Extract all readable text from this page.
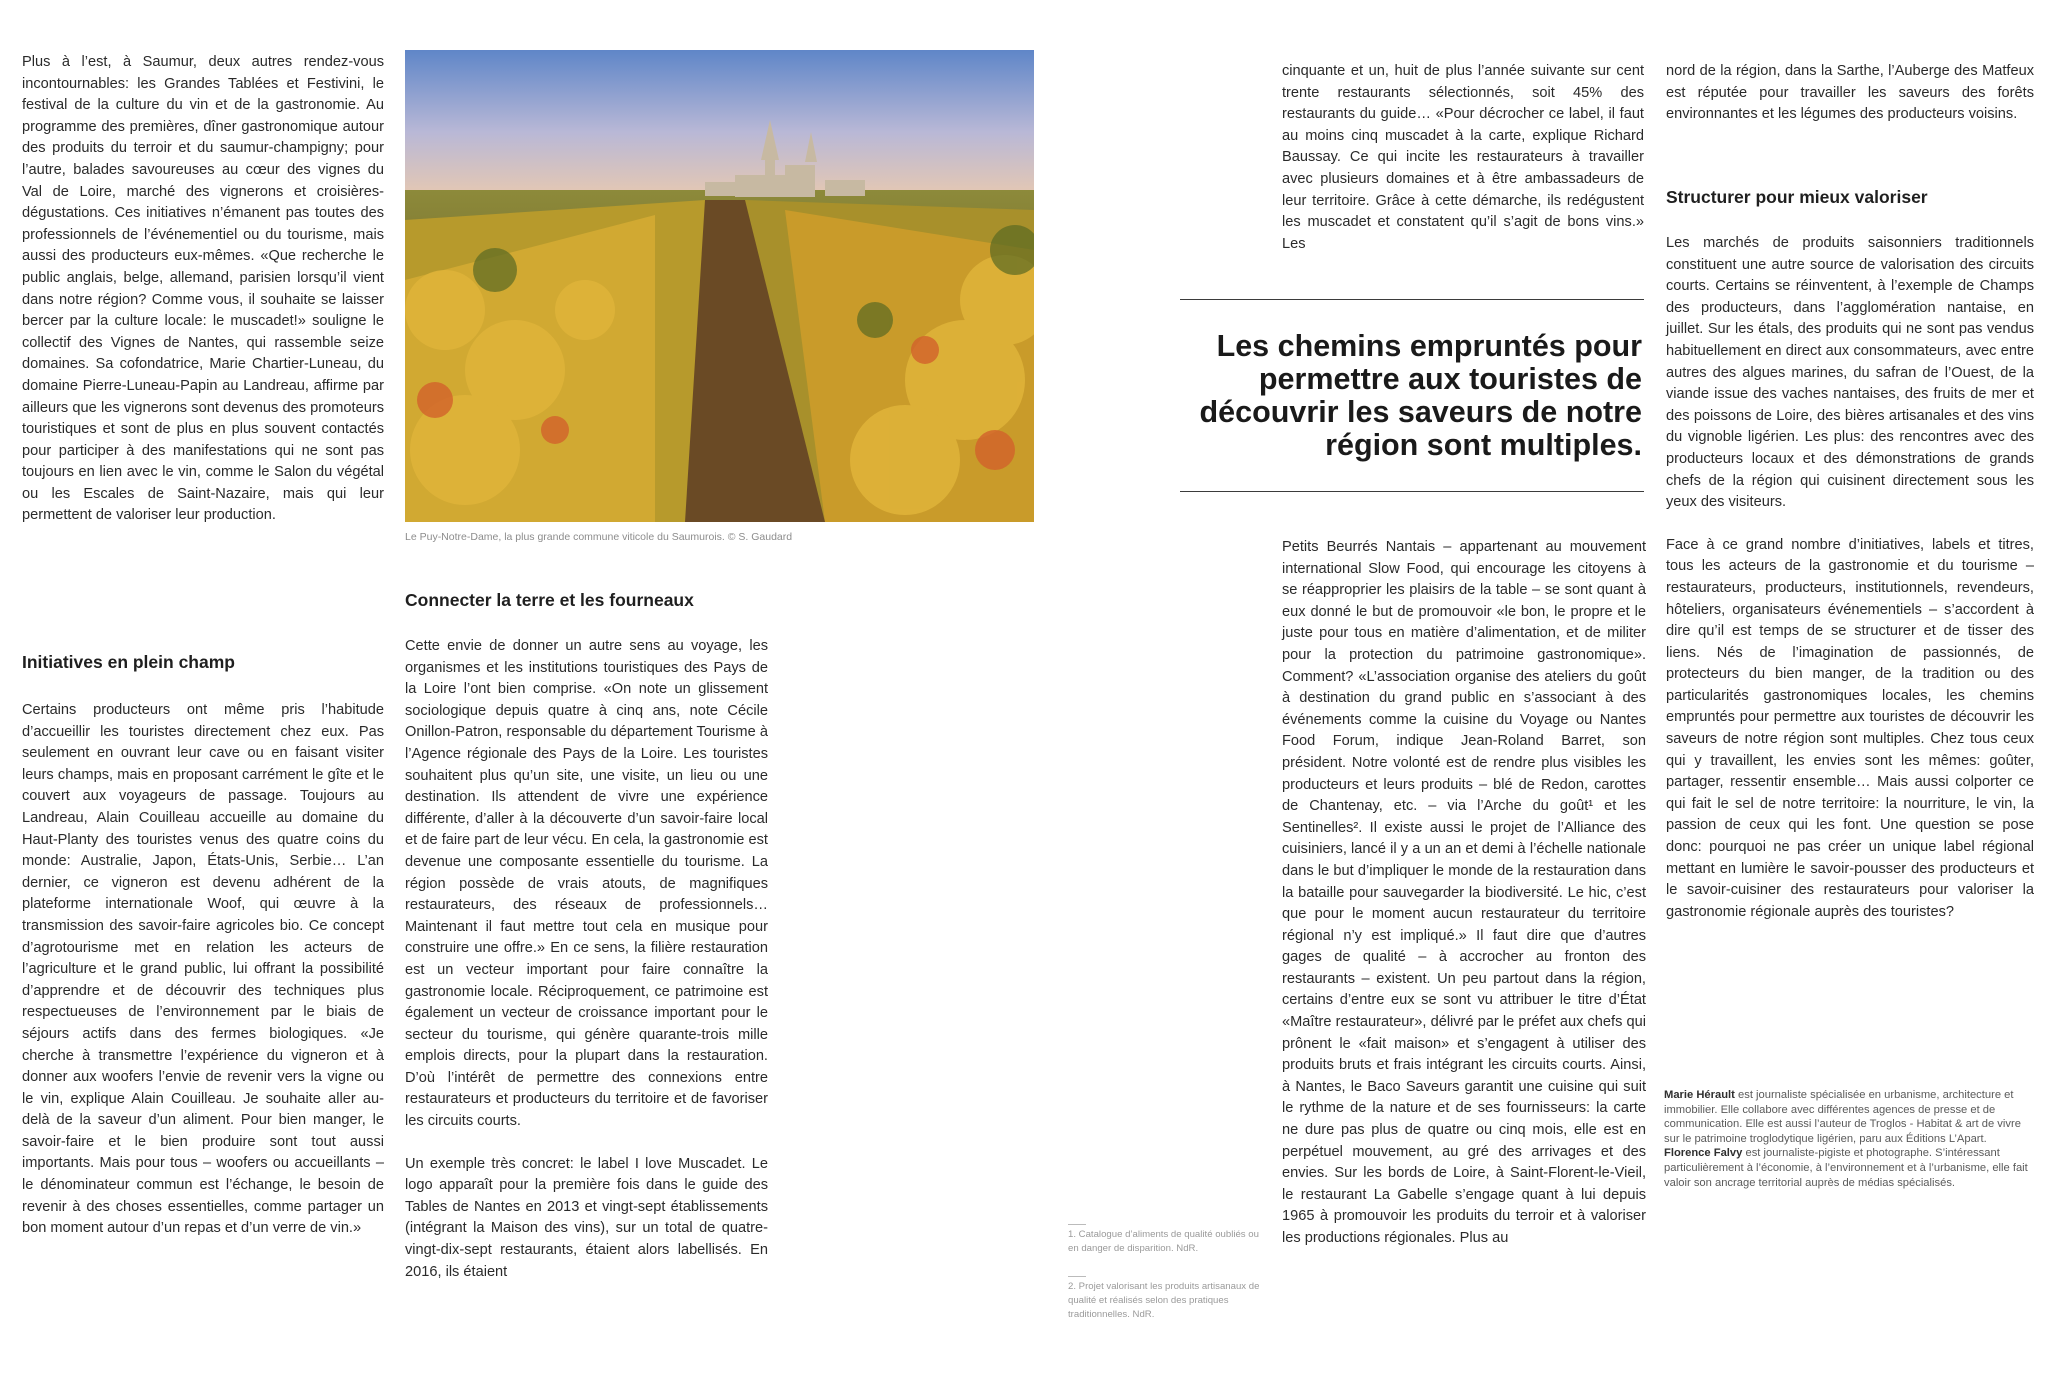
Plus à l’est, à Saumur, deux autres rendez-vous incontournables: les Grandes Tablées et Festivini, le festival de la culture du vin et de la gastronomie. Au programme des premières, dîner gastronomique autour des produits du terroir et du saumur-champigny; pour l’autre, balades savoureuses au cœur des vignes du Val de Loire, marché des vignerons et croisières-dégustations. Ces initiatives n’émanent pas toutes des professionnels de l’événementiel ou du tourisme, mais aussi des producteurs eux-mêmes. «Que recherche le public anglais, belge, allemand, parisien lorsqu’il vient dans notre région? Comme vous, il souhaite se laisser bercer par la culture locale: le muscadet!» souligne le collectif des Vignes de Nantes, qui rassemble seize domaines. Sa cofondatrice, Marie Chartier-Luneau, du domaine Pierre-Luneau-Papin au Landreau, affirme par ailleurs que les vignerons sont devenus des promoteurs touristiques et sont de plus en plus souvent contactés pour participer à des manifestations qui ne sont pas toujours en lien avec le vin, comme le Salon du végétal ou les Escales de Saint-Nazaire, mais qui leur permettent de valoriser leur production.

Initiatives en plein champ

Certains producteurs ont même pris l’habitude d’accueillir les touristes directement chez eux. Pas seulement en ouvrant leur cave ou en faisant visiter leurs champs, mais en proposant carrément le gîte et le couvert aux voyageurs de passage. Toujours au Landreau, Alain Couilleau accueille au domaine du Haut-Planty des touristes venus des quatre coins du monde: Australie, Japon, États-Unis, Serbie… L’an dernier, ce vigneron est devenu adhérent de la plateforme internationale Woof, qui œuvre à la transmission des savoir-faire agricoles bio. Ce concept d’agrotourisme met en relation les acteurs de l’agriculture et le grand public, lui offrant la possibilité d’apprendre et de découvrir des techniques plus respectueuses de l’environnement par le biais de séjours actifs dans des fermes biologiques. «Je cherche à transmettre l’expérience du vigneron et à donner aux woofers l’envie de revenir vers la vigne ou le vin, explique Alain Couilleau. Je souhaite aller au-delà de la saveur d’un aliment. Pour bien manger, le savoir-faire et le bien produire sont tout aussi importants. Mais pour tous – woofers ou accueillants – le dénominateur commun est l’échange, le besoin de revenir à des choses essentielles, comme partager un bon moment autour d’un repas et d’un verre de vin.»

Le Puy-Notre-Dame, la plus grande commune viticole du Saumurois. © S. Gaudard
Connecter la terre et les fourneaux

Cette envie de donner un autre sens au voyage, les organismes et les institutions touristiques des Pays de la Loire l’ont bien comprise. «On note un glissement sociologique depuis quatre à cinq ans, note Cécile Onillon-Patron, responsable du département Tourisme à l’Agence régionale des Pays de la Loire. Les touristes souhaitent plus qu’un site, une visite, un lieu ou une destination. Ils attendent de vivre une expérience différente, d’aller à la découverte d’un savoir-faire local et de faire part de leur vécu. En cela, la gastronomie est devenue une composante essentielle du tourisme. La région possède de vrais atouts, de magnifiques restaurateurs, des réseaux de professionnels… Maintenant il faut mettre tout cela en musique pour construire une offre.» En ce sens, la filière restauration est un vecteur important pour faire connaître la gastronomie locale. Réciproquement, ce patrimoine est également un vecteur de croissance important pour le secteur du tourisme, qui génère quarante-trois mille emplois directs, pour la plupart dans la restauration. D’où l’intérêt de permettre des connexions entre restaurateurs et producteurs du territoire et de favoriser les circuits courts.

Un exemple très concret: le label I love Muscadet. Le logo apparaît pour la première fois dans le guide des Tables de Nantes en 2013 et vingt-sept établissements (intégrant la Maison des vins), sur un total de quatre-vingt-dix-sept restaurants, étaient alors labellisés. En 2016, ils étaient

cinquante et un, huit de plus l’année suivante sur cent trente restaurants sélectionnés, soit 45% des restaurants du guide… «Pour décrocher ce label, il faut au moins cinq muscadet à la carte, explique Richard Baussay. Ce qui incite les restaurateurs à travailler avec plusieurs domaines et à être ambassadeurs de leur territoire. Grâce à cette démarche, ils redégustent les muscadet et constatent qu’il s’agit de bons vins.» Les

Les chemins empruntés pour permettre aux touristes de découvrir les saveurs de notre région sont multiples.

Petits Beurrés Nantais – appartenant au mouvement international Slow Food, qui encourage les citoyens à se réapproprier les plaisirs de la table – se sont quant à eux donné le but de promouvoir «le bon, le propre et le juste pour tous en matière d’alimentation, et de militer pour la protection du patrimoine gastronomique». Comment? «L’association organise des ateliers du goût à destination du grand public en s’associant à des événements comme la cuisine du Voyage ou Nantes Food Forum, indique Jean-Roland Barret, son président. Notre volonté est de rendre plus visibles les producteurs et leurs produits – blé de Redon, carottes de Chantenay, etc. – via l’Arche du goût¹ et les Sentinelles². Il existe aussi le projet de l’Alliance des cuisiniers, lancé il y a un an et demi à l’échelle nationale dans le but d’impliquer le monde de la restauration dans la bataille pour sauvegarder la biodiversité. Le hic, c’est que pour le moment aucun restaurateur du territoire régional n’y est impliqué.» Il faut dire que d’autres gages de qualité – à accrocher au fronton des restaurants – existent. Un peu partout dans la région, certains d’entre eux se sont vu attribuer le titre d’État «Maître restaurateur», délivré par le préfet aux chefs qui prônent le «fait maison» et s’engagent à utiliser des produits bruts et frais intégrant les circuits courts. Ainsi, à Nantes, le Baco Saveurs garantit une cuisine qui suit le rythme de la nature et de ses fournisseurs: la carte ne dure pas plus de quatre ou cinq mois, elle est en perpétuel mouvement, au gré des arrivages et des envies. Sur les bords de Loire, à Saint-Florent-le-Vieil, le restaurant La Gabelle s’engage quant à lui depuis 1965 à promouvoir les produits du terroir et à valoriser les productions régionales. Plus au

1. Catalogue d’aliments de qualité oubliés ou en danger de disparition. NdR.
2. Projet valorisant les produits artisanaux de qualité et réalisés selon des pratiques traditionnelles. NdR.

nord de la région, dans la Sarthe, l’Auberge des Matfeux est réputée pour travailler les saveurs des forêts environnantes et les légumes des producteurs voisins.

Structurer pour mieux valoriser

Les marchés de produits saisonniers traditionnels constituent une autre source de valorisation des circuits courts. Certains se réinventent, à l’exemple de Champs des producteurs, dans l’agglomération nantaise, en juillet. Sur les étals, des produits qui ne sont pas vendus habituellement en direct aux consommateurs, avec entre autres des algues marines, du safran de l’Ouest, de la viande issue des vaches nantaises, des fruits de mer et des poissons de Loire, des bières artisanales et des vins du vignoble ligérien. Les plus: des rencontres avec des producteurs locaux et des démonstrations de grands chefs de la région qui cuisinent directement sous les yeux des visiteurs.

Face à ce grand nombre d’initiatives, labels et titres, tous les acteurs de la gastronomie et du tourisme – restaurateurs, producteurs, institutionnels, revendeurs, hôteliers, organisateurs événementiels – s’accordent à dire qu’il est temps de se structurer et de tisser des liens. Nés de l’imagination de passionnés, de protecteurs du bien manger, de la tradition ou des particularités gastronomiques locales, les chemins empruntés pour permettre aux touristes de découvrir les saveurs de notre région sont multiples. Chez tous ceux qui y travaillent, les envies sont les mêmes: goûter, partager, ressentir ensemble… Mais aussi colporter ce qui fait le sel de notre territoire: la nourriture, le vin, la passion de ceux qui les font. Une question se pose donc: pourquoi ne pas créer un unique label régional mettant en lumière le savoir-pousser des producteurs et le savoir-cuisiner des restaurateurs pour valoriser la gastronomie régionale auprès des touristes?

Marie Hérault est journaliste spécialisée en urbanisme, architecture et immobilier. Elle collabore avec différentes agences de presse et de communication. Elle est aussi l’auteur de Troglos - Habitat & art de vivre sur le patrimoine troglodytique ligérien, paru aux Éditions L’Apart.
Florence Falvy est journaliste-pigiste et photographe. S’intéressant particulièrement à l’économie, à l’environnement et à l’urbanisme, elle fait valoir son ancrage territorial auprès de médias spécialisés.
